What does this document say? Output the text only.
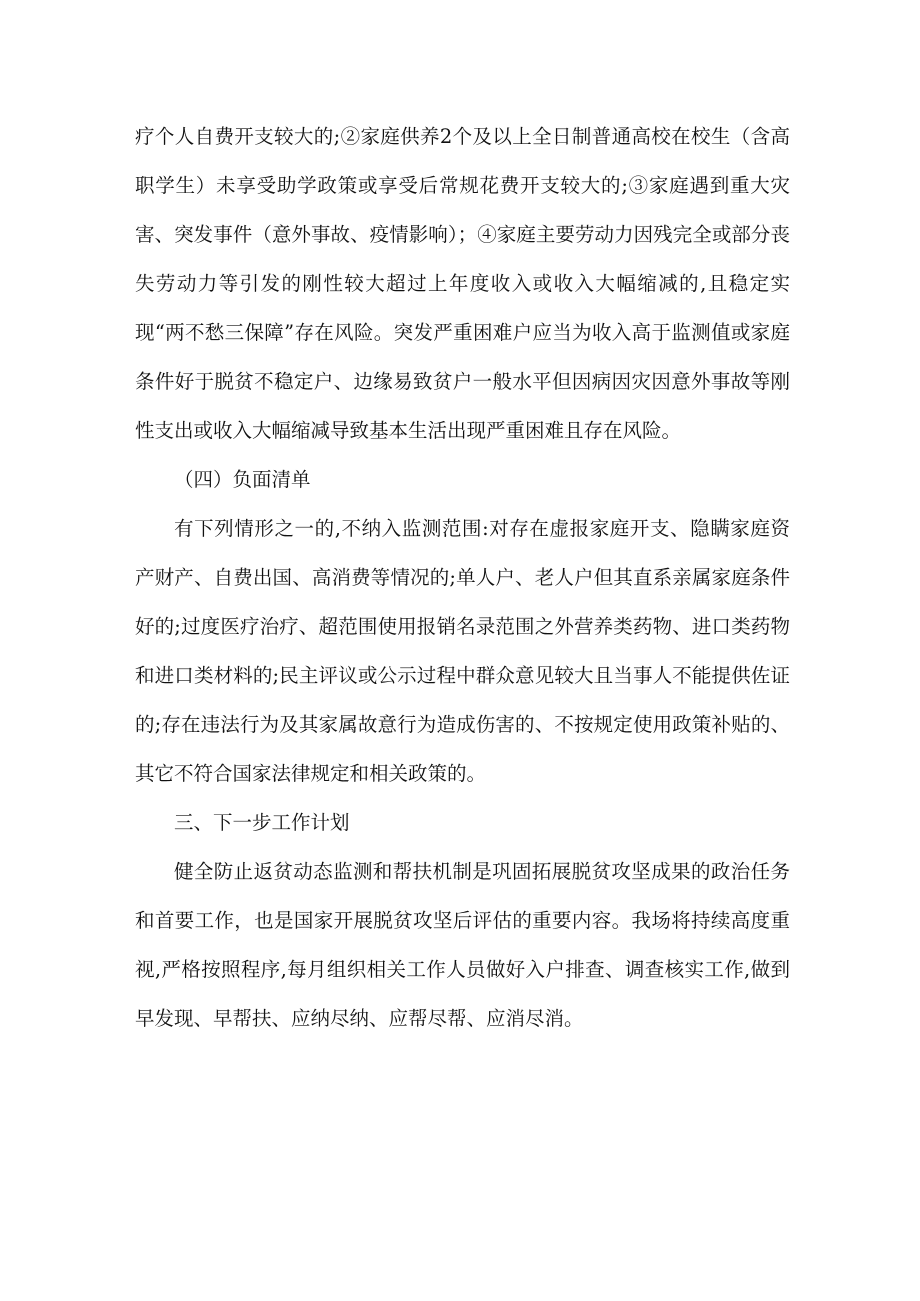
疗个人自费开支较大的;②家庭供养2个及以上全日制普通高校在校生（含高职学生）未享受助学政策或享受后常规花费开支较大的;③家庭遇到重大灾害、突发事件（意外事故、疫情影响）；④家庭主要劳动力因残完全或部分丧失劳动力等引发的刚性较大超过上年度收入或收入大幅缩减的,且稳定实现“两不愁三保障”存在风险。突发严重困难户应当为收入高于监测值或家庭条件好于脱贫不稳定户、边缘易致贫户一般水平但因病因灾因意外事故等刚性支出或收入大幅缩减导致基本生活出现严重困难且存在风险。

（四）负面清单

有下列情形之一的,不纳入监测范围:对存在虚报家庭开支、隐瞒家庭资产财产、自费出国、高消费等情况的;单人户、老人户但其直系亲属家庭条件好的;过度医疗治疗、超范围使用报销名录范围之外营养类药物、进口类药物和进口类材料的;民主评议或公示过程中群众意见较大且当事人不能提供佐证的;存在违法行为及其家属故意行为造成伤害的、不按规定使用政策补贴的、其它不符合国家法律规定和相关政策的。

三、下一步工作计划

健全防止返贫动态监测和帮扶机制是巩固拓展脱贫攻坚成果的政治任务和首要工作，也是国家开展脱贫攻坚后评估的重要内容。我场将持续高度重视,严格按照程序,每月组织相关工作人员做好入户排查、调查核实工作,做到早发现、早帮扶、应纳尽纳、应帮尽帮、应消尽消。
